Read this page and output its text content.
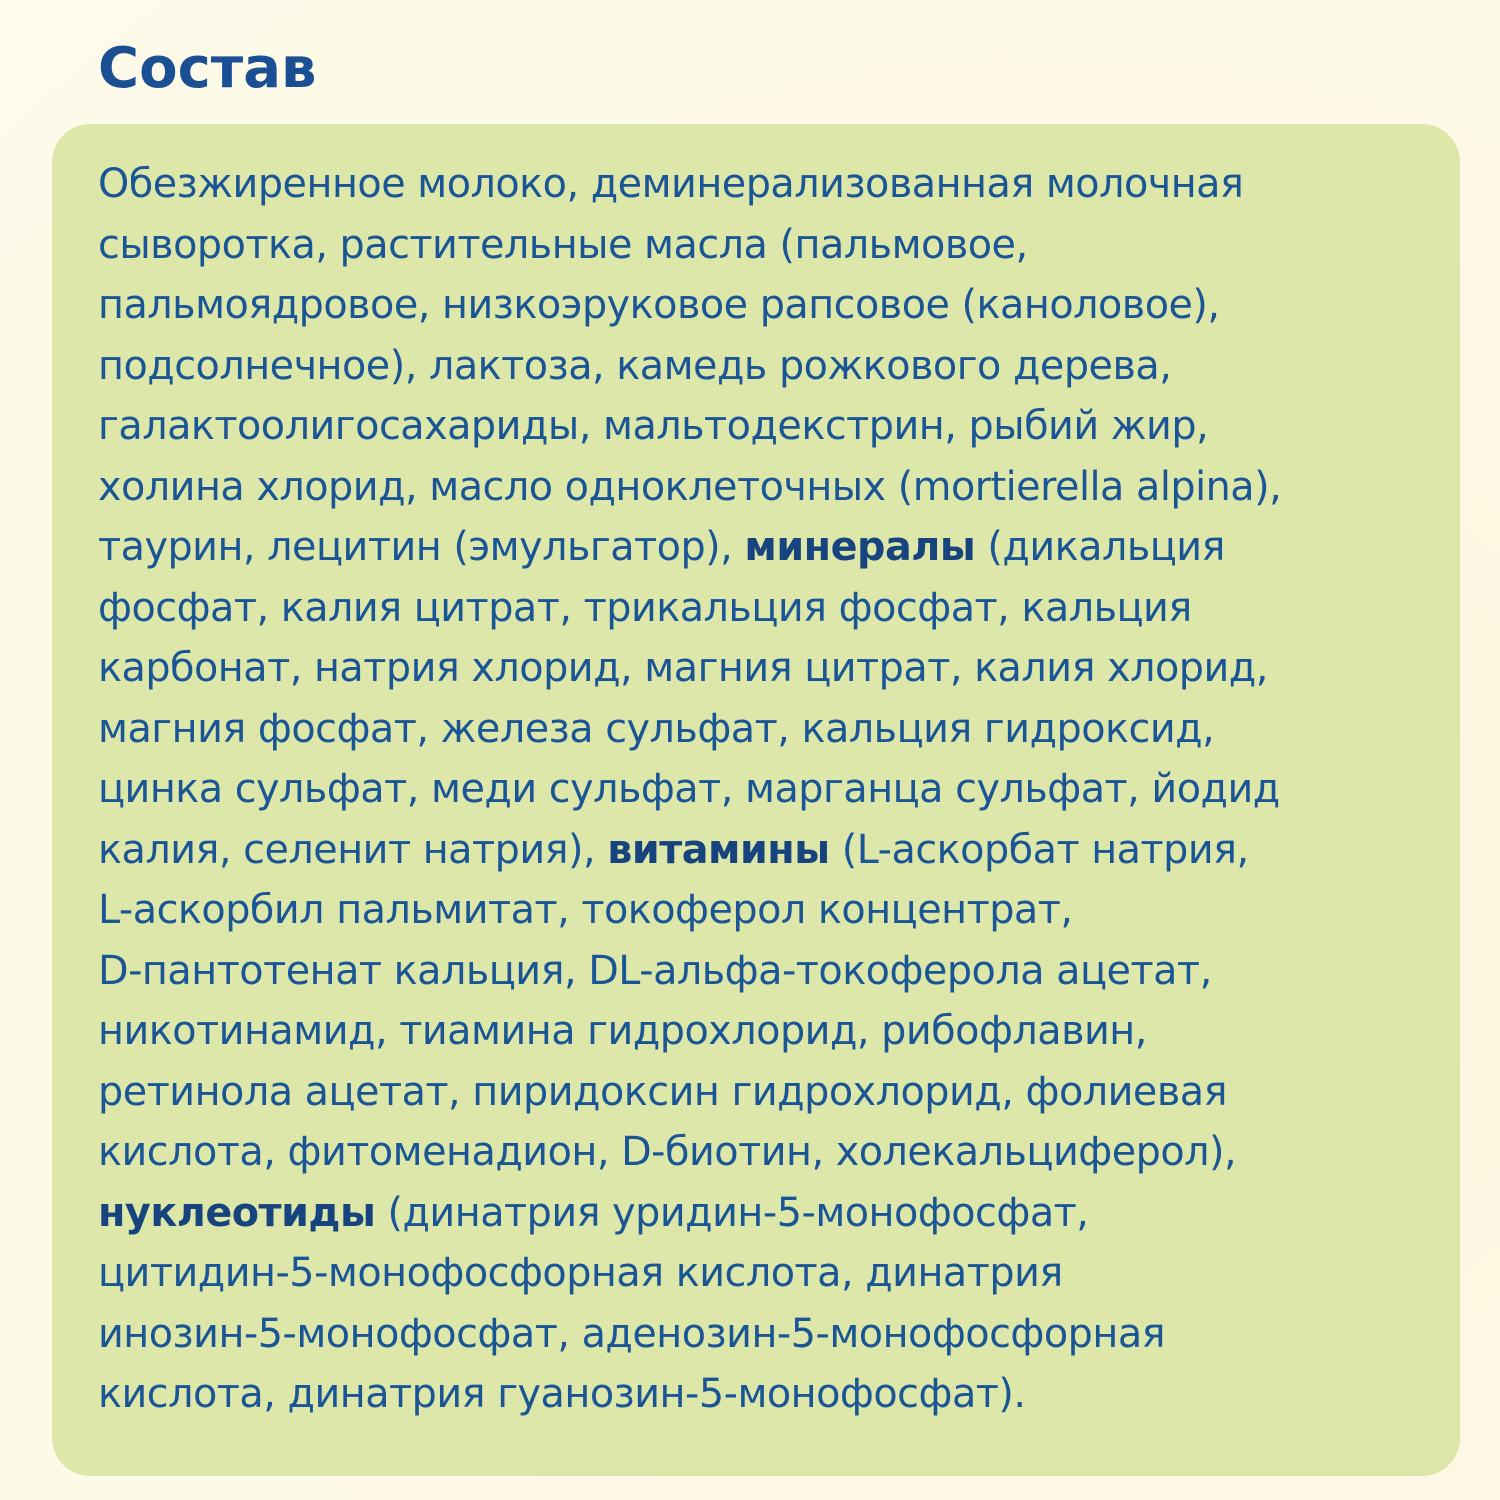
Состав
Обезжиренное молоко, деминерализованная молочная
сыворотка, растительные масла (пальмовое,
пальмоядровое, низкоэруковое рапсовое (каноловое),
подсолнечное), лактоза, камедь рожкового дерева,
галактоолигосахариды, мальтодекстрин, рыбий жир,
холина хлорид, масло одноклеточных (mortierella alpina),
таурин, лецитин (эмульгатор), минералы (дикальция
фосфат, калия цитрат, трикальция фосфат, кальция
карбонат, натрия хлорид, магния цитрат, калия хлорид,
магния фосфат, железа сульфат, кальция гидроксид,
цинка сульфат, меди сульфат, марганца сульфат, йодид
калия, селенит натрия), витамины (L-аскорбат натрия,
L-аскорбил пальмитат, токоферол концентрат,
D-пантотенат кальция, DL-альфа-токоферола ацетат,
никотинамид, тиамина гидрохлорид, рибофлавин,
ретинола ацетат, пиридоксин гидрохлорид, фолиевая
кислота, фитоменадион, D-биотин, холекальциферол),
нуклеотиды (динатрия уридин-5-монофосфат,
цитидин-5-монофосфорная кислота, динатрия
инозин-5-монофосфат, аденозин-5-монофосфорная
кислота, динатрия гуанозин-5-монофосфат).
